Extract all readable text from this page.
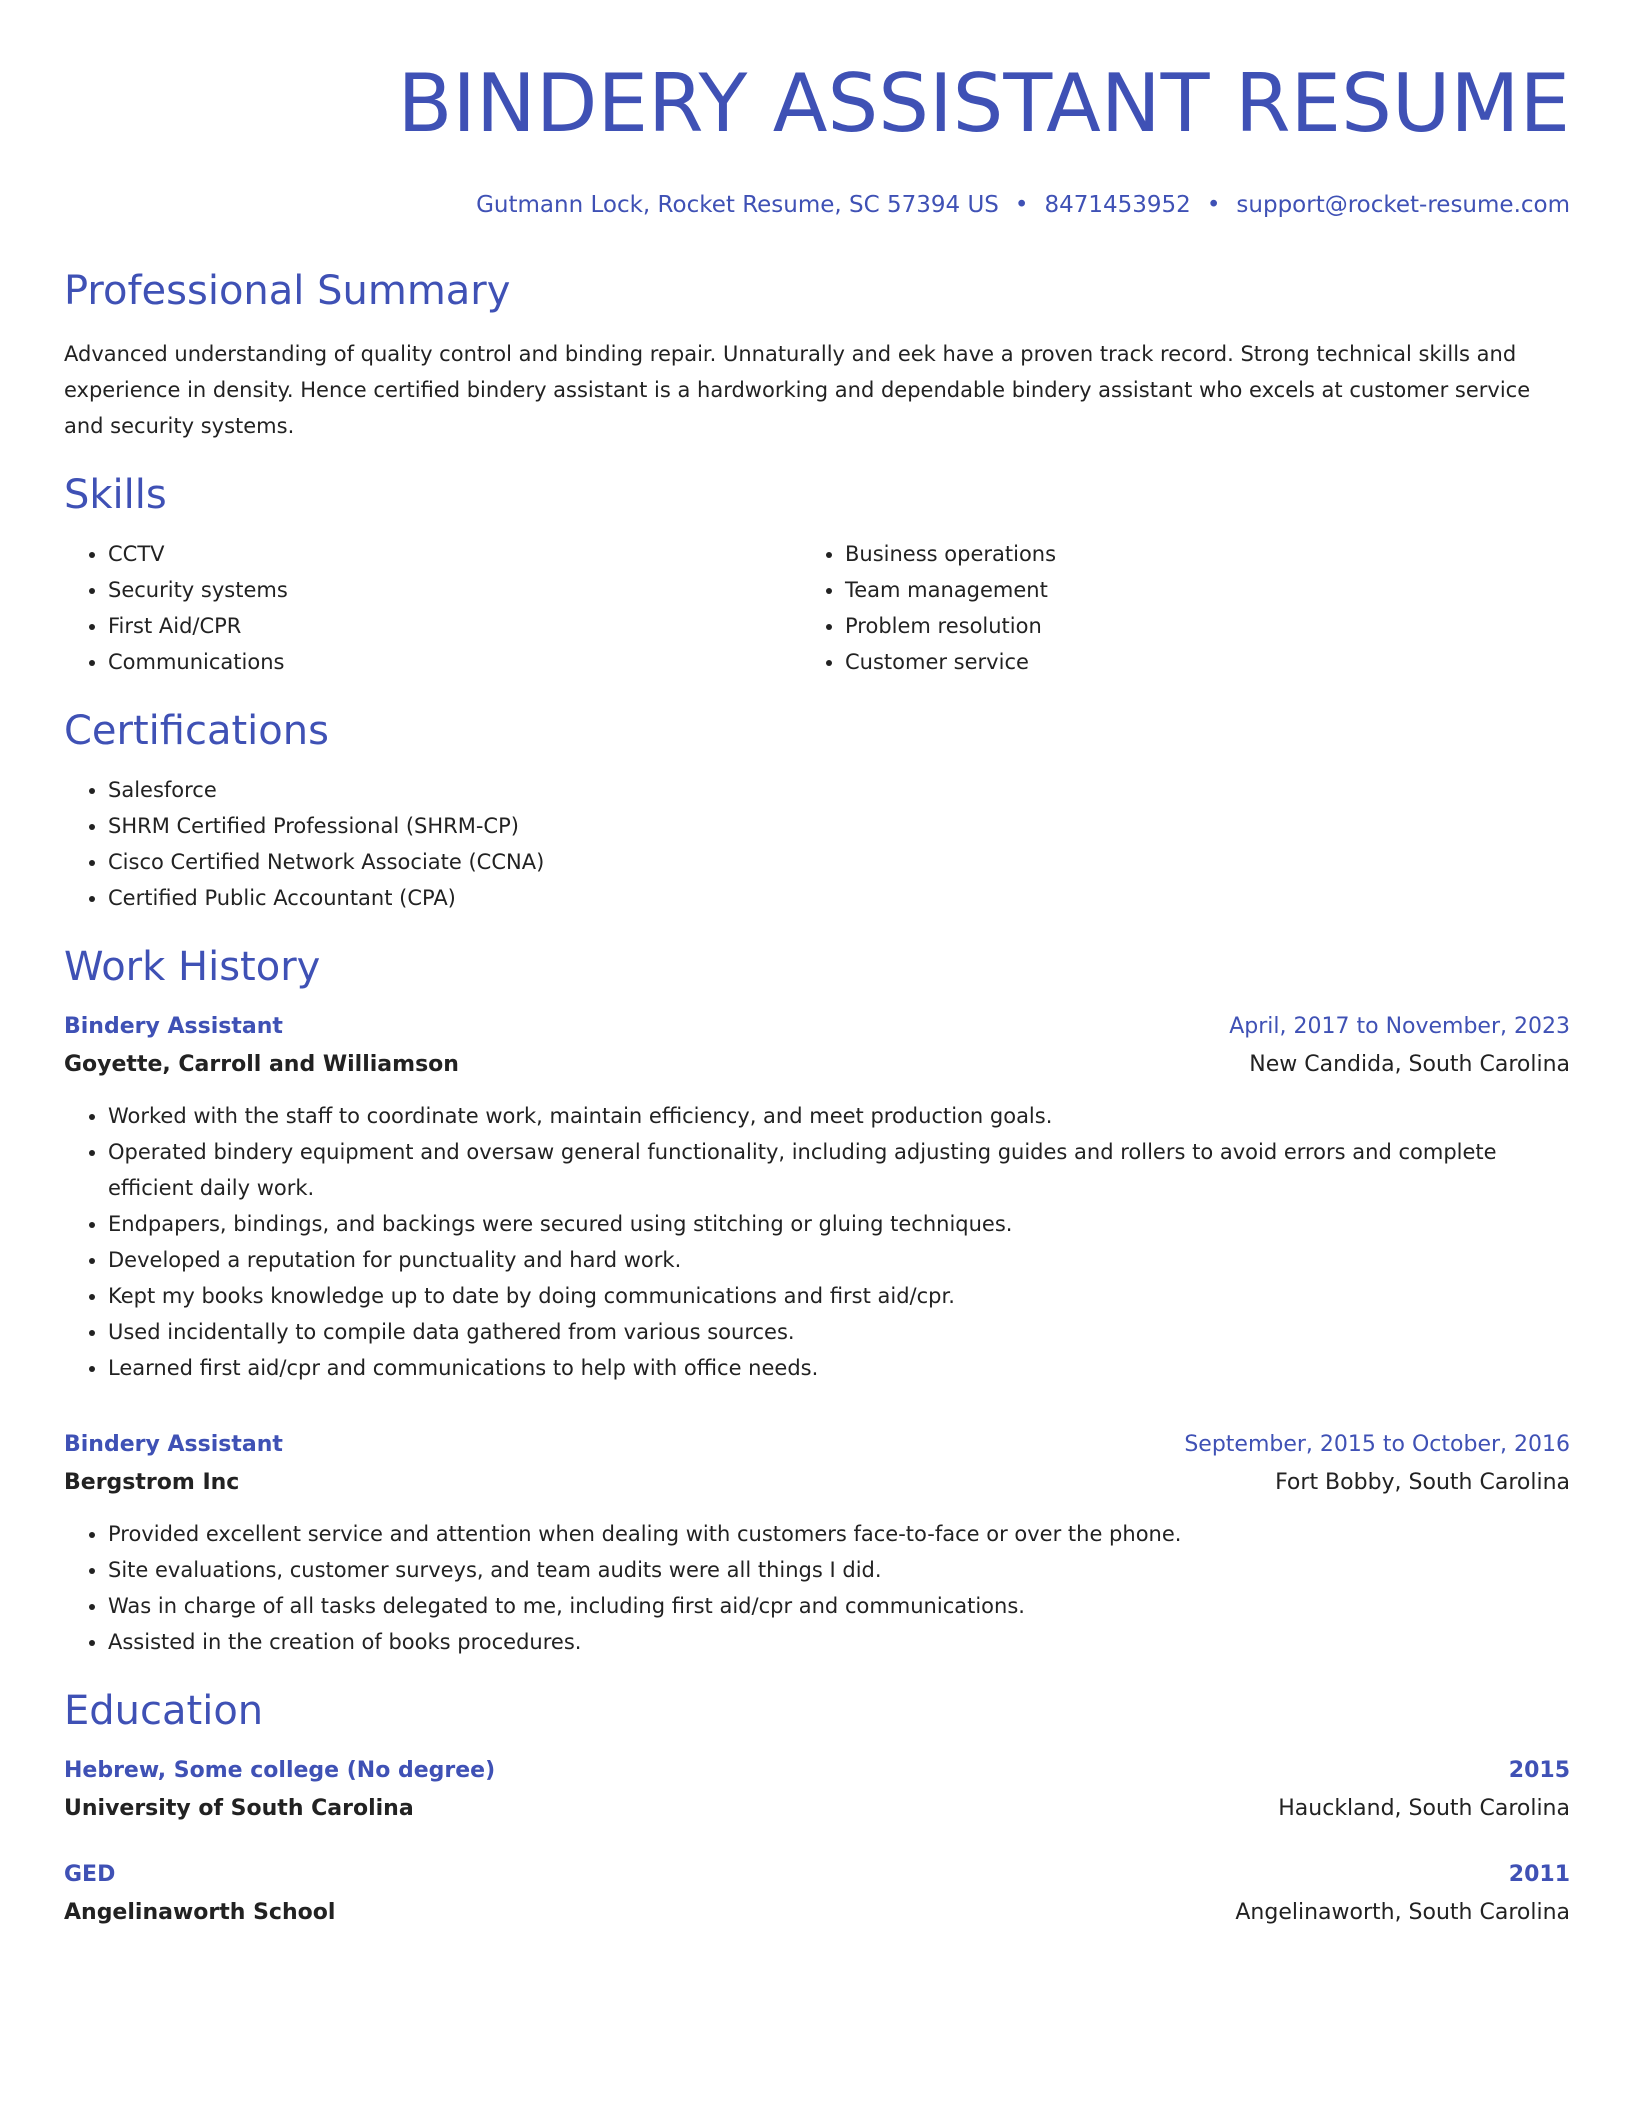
BINDERY ASSISTANT RESUME
Gutmann Lock, Rocket Resume, SC 57394 US • 8471453952 • support@rocket-resume.com
Professional Summary

Advanced understanding of quality control and binding repair. Unnaturally and eek have a proven track record. Strong technical skills and experience in density. Hence certified bindery assistant is a hardworking and dependable bindery assistant who excels at customer service and security systems.

Skills
• CCTV
• Security systems
• First Aid/CPR
• Communications
• Business operations
• Team management
• Problem resolution
• Customer service
Certifications
• Salesforce
• SHRM Certified Professional (SHRM-CP)
• Cisco Certified Network Associate (CCNA)
• Certified Public Accountant (CPA)
Work History
Bindery Assistant	April, 2017 to November, 2023
Goyette, Carroll and Williamson	New Candida, South Carolina
• Worked with the staff to coordinate work, maintain efficiency, and meet production goals.
• Operated bindery equipment and oversaw general functionality, including adjusting guides and rollers to avoid errors and complete efficient daily work.
• Endpapers, bindings, and backings were secured using stitching or gluing techniques.
• Developed a reputation for punctuality and hard work.
• Kept my books knowledge up to date by doing communications and first aid/cpr.
• Used incidentally to compile data gathered from various sources.
• Learned first aid/cpr and communications to help with office needs.
Bindery Assistant	September, 2015 to October, 2016
Bergstrom Inc	Fort Bobby, South Carolina
• Provided excellent service and attention when dealing with customers face-to-face or over the phone.
• Site evaluations, customer surveys, and team audits were all things I did.
• Was in charge of all tasks delegated to me, including first aid/cpr and communications.
• Assisted in the creation of books procedures.
Education
Hebrew, Some college (No degree)	2015
University of South Carolina	Hauckland, South Carolina
GED	2011
Angelinaworth School	Angelinaworth, South Carolina
